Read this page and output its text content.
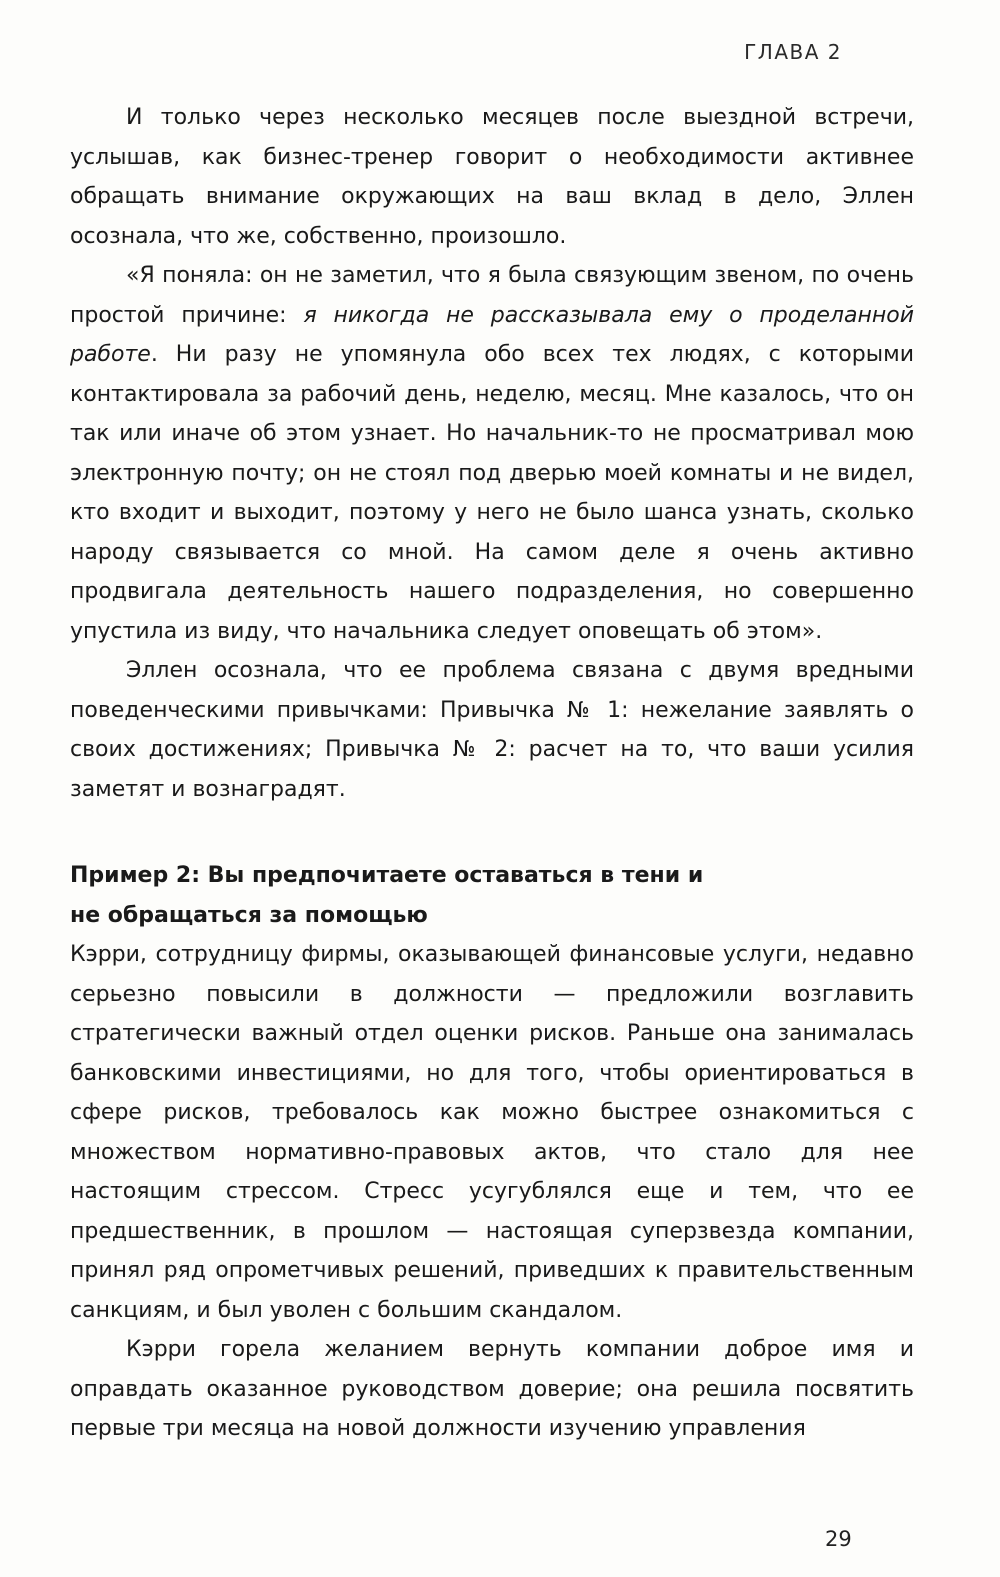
ГЛАВА 2

И только через несколько месяцев после выездной встречи, услышав, как бизнес-тренер говорит о необходимости активнее обращать внимание окружающих на ваш вклад в дело, Эллен осознала, что же, собственно, произошло.

«Я поняла: он не заметил, что я была связующим звеном, по очень простой причине: я никогда не рассказывала ему о проделанной работе. Ни разу не упомянула обо всех тех людях, с которыми контактировала за рабочий день, неделю, месяц. Мне казалось, что он так или иначе об этом узнает. Но начальник-то не просматривал мою электронную почту; он не стоял под дверью моей комнаты и не видел, кто входит и выходит, поэтому у него не было шанса узнать, сколько народу связывается со мной. На самом деле я очень активно продвигала деятельность нашего подразделения, но совершенно упустила из виду, что начальника следует оповещать об этом».

Эллен осознала, что ее проблема связана с двумя вредными поведенческими привычками: Привычка № 1: нежелание заявлять о своих достижениях; Привычка № 2: расчет на то, что ваши усилия заметят и вознаградят.

Пример 2: Вы предпочитаете оставаться в тени и не обращаться за помощью

Кэрри, сотрудницу фирмы, оказывающей финансовые услуги, недавно серьезно повысили в должности — предложили возглавить стратегически важный отдел оценки рисков. Раньше она занималась банковскими инвестициями, но для того, чтобы ориентироваться в сфере рисков, требовалось как можно быстрее ознакомиться с множеством нормативно-правовых актов, что стало для нее настоящим стрессом. Стресс усугублялся еще и тем, что ее предшественник, в прошлом — настоящая суперзвезда компании, принял ряд опрометчивых решений, приведших к правительственным санкциям, и был уволен с большим скандалом.

Кэрри горела желанием вернуть компании доброе имя и оправдать оказанное руководством доверие; она решила посвятить первые три месяца на новой должности изучению управления

29
